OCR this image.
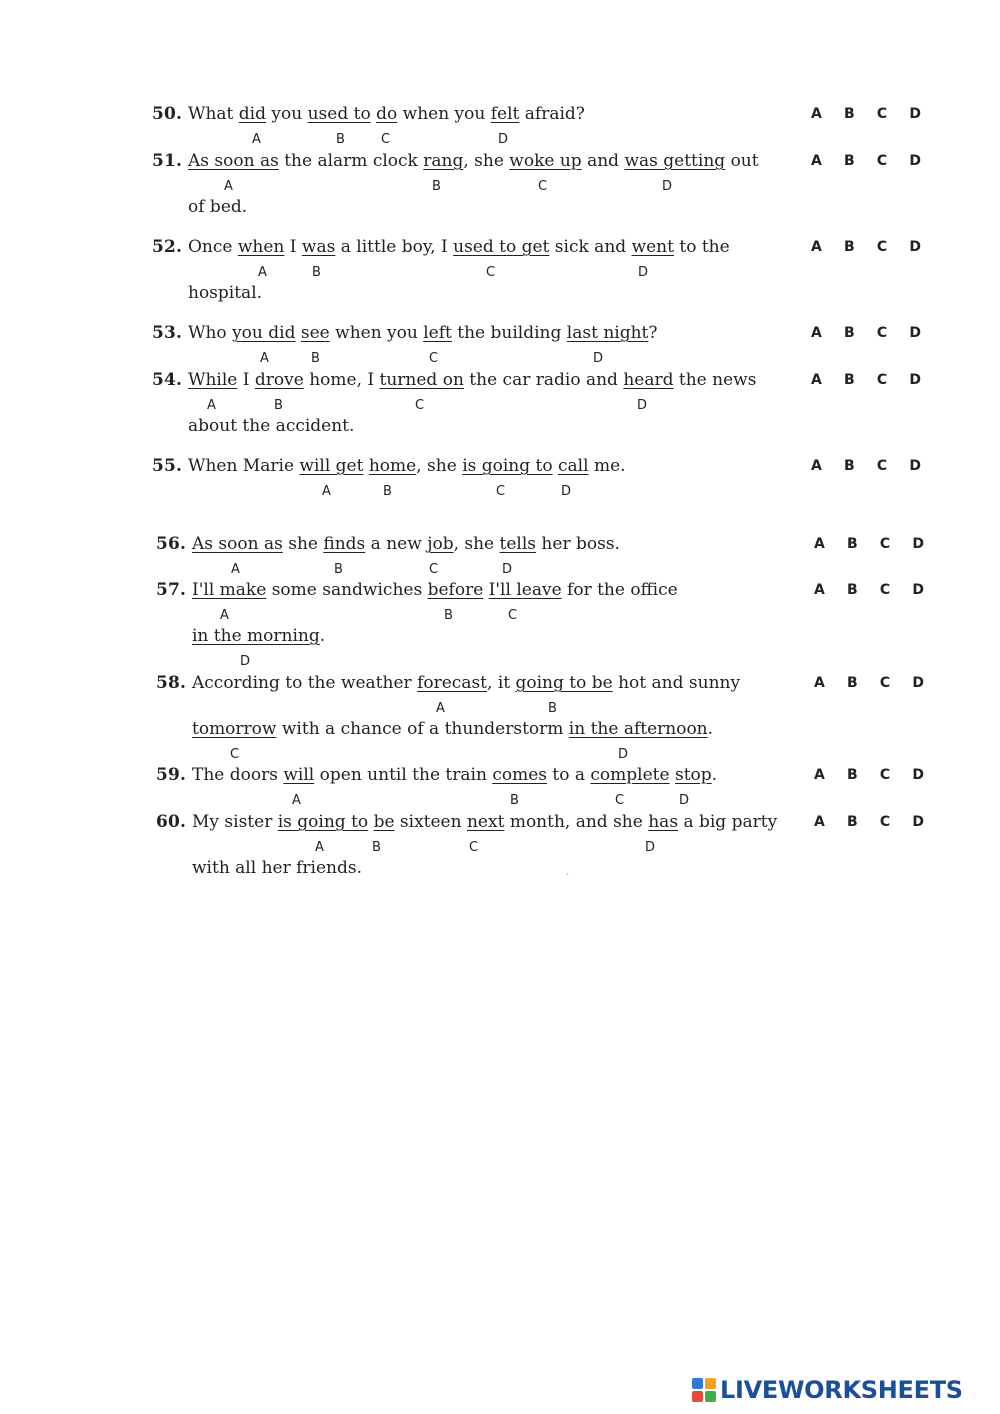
50. What did you used to do when you felt afraid?
A	B	C	D
A B C D
51. As soon as the alarm clock rang, she woke up and was getting out
of bed.
A	B	C	D
A B C D
52. Once when I was a little boy, I used to get sick and went to the
hospital.
A	B	C	D
A B C D
53. Who you did see when you left the building last night?
A	B	C	D
A B C D
54. While I drove home, I turned on the car radio and heard the news
about the accident.
A	B	C	D
A B C D
55. When Marie will get home, she is going to call me.
A	B	C	D
A B C D
56. As soon as she finds a new job, she tells her boss.
A	B	C	D
A B C D
57. I'll make some sandwiches before I'll leave for the office
in the morning.
A	B	C
D
A B C D
58. According to the weather forecast, it going to be hot and sunny
tomorrow with a chance of a thunderstorm in the afternoon.
A	B
C	D
A B C D
59. The doors will open until the train comes to a complete stop.
A	B	C	D
A B C D
60. My sister is going to be sixteen next month, and she has a big party
with all her friends.
A	B	C	D
A B C D
ˎ
LIVEWORKSHEETS
